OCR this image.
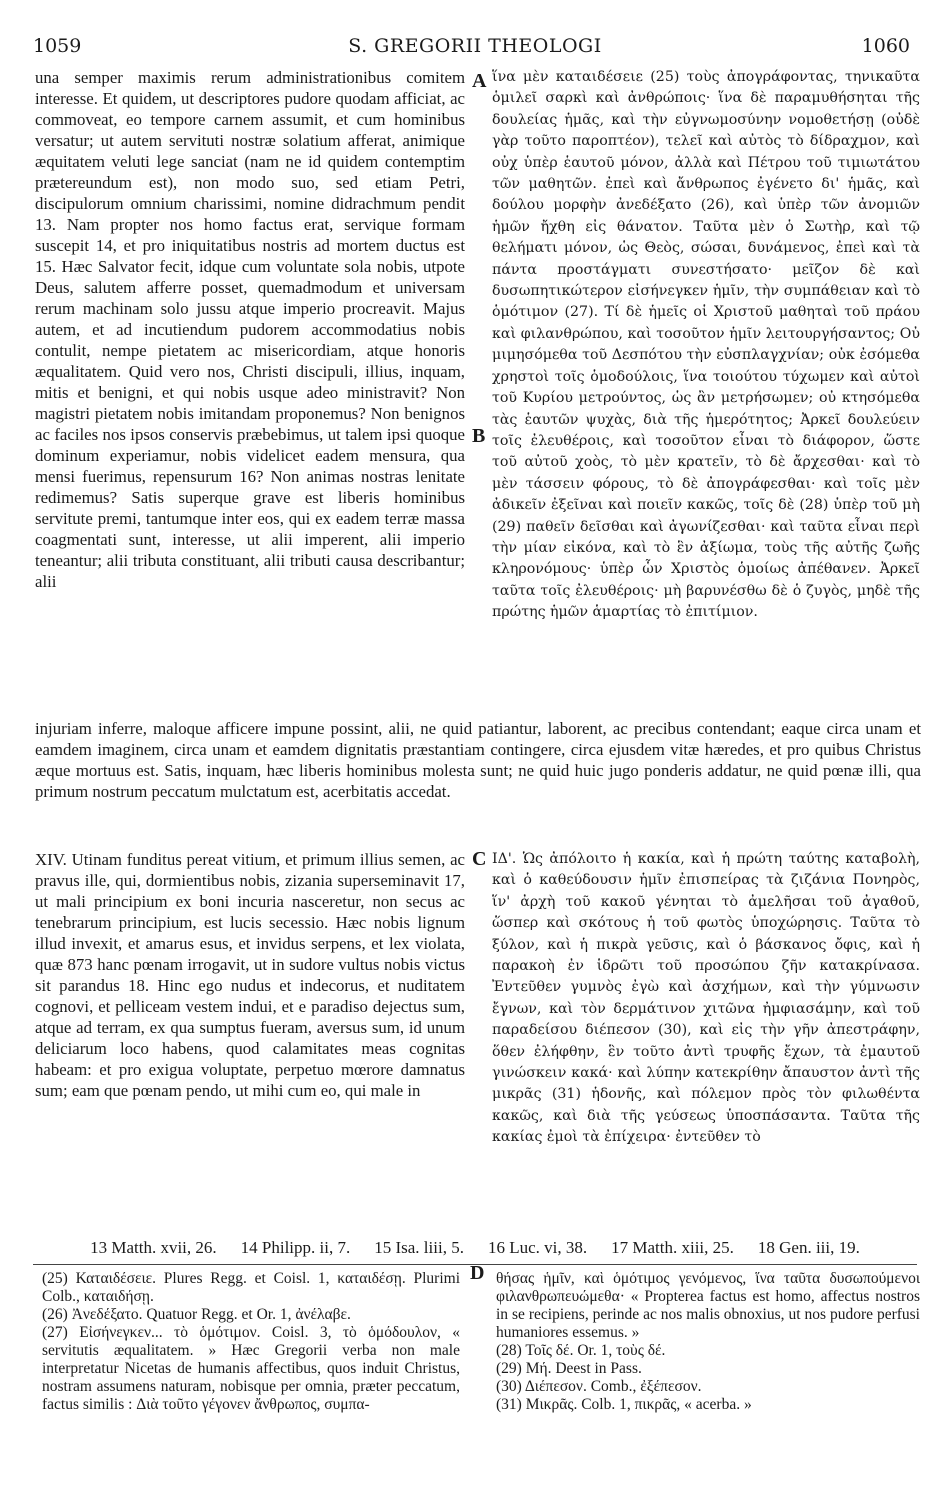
1059	S. GREGORII THEOLOGI	1060
A
B
C
D

una semper maximis rerum administrationibus comitem interesse. Et quidem, ut descriptores pudore quodam afficiat, ac commoveat, eo tempore carnem assumit, et cum hominibus versatur; ut autem servituti nostræ solatium afferat, animique æquitatem veluti lege sanciat (nam ne id quidem contemptim prætereundum est), non modo suo, sed etiam Petri, discipulorum omnium charissimi, nomine didrachmum pendit 13. Nam propter nos homo factus erat, servique formam suscepit 14, et pro iniquitatibus nostris ad mortem ductus est 15. Hæc Salvator fecit, idque cum voluntate sola nobis, utpote Deus, salutem afferre posset, quemadmodum et universam rerum machinam solo jussu atque imperio procreavit. Majus autem, et ad incutiendum pudorem accommodatius nobis contulit, nempe pietatem ac misericordiam, atque honoris æqualitatem. Quid vero nos, Christi discipuli, illius, inquam, mitis et benigni, et qui nobis usque adeo ministravit? Non magistri pietatem nobis imitandam proponemus? Non benignos ac faciles nos ipsos conservis præbebimus, ut talem ipsi quoque dominum experiamur, nobis videlicet eadem mensura, qua mensi fuerimus, repensurum 16? Non animas nostras lenitate redimemus? Satis superque grave est liberis hominibus servitute premi, tantumque inter eos, qui ex eadem terræ massa coagmentati sunt, interesse, ut alii imperent, alii imperio teneantur; alii tributa constituant, alii tributi causa describantur; alii

ἵνα μὲν καταιδέσειε (25) τοὺς ἀπογράφοντας, τηνικαῦτα ὁμιλεῖ σαρκὶ καὶ ἀνθρώποις· ἵνα δὲ παραμυθήσηται τῆς δουλείας ἡμᾶς, καὶ τὴν εὐγνωμοσύνην νομοθετήσῃ (οὐδὲ γὰρ τοῦτο παροπτέον), τελεῖ καὶ αὐτὸς τὸ δίδραχμον, καὶ οὐχ ὑπὲρ ἑαυτοῦ μόνον, ἀλλὰ καὶ Πέτρου τοῦ τιμιωτάτου τῶν μαθητῶν. ἐπεὶ καὶ ἄνθρωπος ἐγένετο δι' ἡμᾶς, καὶ δούλου μορφὴν ἀνεδέξατο (26), καὶ ὑπὲρ τῶν ἀνομιῶν ἡμῶν ἤχθη εἰς θάνατον. Ταῦτα μὲν ὁ Σωτὴρ, καὶ τῷ θελήματι μόνον, ὡς Θεὸς, σώσαι, δυνάμενος, ἐπεὶ καὶ τὰ πάντα προστάγματι συνεστήσατο· μεῖζον δὲ καὶ δυσωπητικώτερον εἰσήνεγκεν ἡμῖν, τὴν συμπάθειαν καὶ τὸ ὁμότιμον (27). Τί δὲ ἡμεῖς οἱ Χριστοῦ μαθηταὶ τοῦ πράου καὶ φιλανθρώπου, καὶ τοσοῦτον ἡμῖν λειτουργήσαντος; Οὐ μιμησόμεθα τοῦ Δεσπότου τὴν εὐσπλαγχνίαν; οὐκ ἐσόμεθα χρηστοὶ τοῖς ὁμοδούλοις, ἵνα τοιούτου τύχωμεν καὶ αὐτοὶ τοῦ Κυρίου μετρούντος, ὡς ἂν μετρήσωμεν; οὐ κτησόμεθα τὰς ἑαυτῶν ψυχὰς, διὰ τῆς ἡμερότητος; Ἀρκεῖ δουλεύειν τοῖς ἐλευθέροις, καὶ τοσοῦτον εἶναι τὸ διάφορον, ὥστε τοῦ αὐτοῦ χοὸς, τὸ μὲν κρατεῖν, τὸ δὲ ἄρχεσθαι· καὶ τὸ μὲν τάσσειν φόρους, τὸ δὲ ἀπογράφεσθαι· καὶ τοῖς μὲν ἀδικεῖν ἐξεῖναι καὶ ποιεῖν κακῶς, τοῖς δὲ (28) ὑπὲρ τοῦ μὴ (29) παθεῖν δεῖσθαι καὶ ἀγωνίζεσθαι· καὶ ταῦτα εἶναι περὶ τὴν μίαν εἰκόνα, καὶ τὸ ἓν ἀξίωμα, τοὺς τῆς αὐτῆς ζωῆς κληρονόμους· ὑπὲρ ὧν Χριστὸς ὁμοίως ἀπέθανεν. Ἀρκεῖ ταῦτα τοῖς ἐλευθέροις· μὴ βαρυνέσθω δὲ ὁ ζυγὸς, μηδὲ τῆς πρώτης ἡμῶν ἁμαρτίας τὸ ἐπιτίμιον.

injuriam inferre, maloque afficere impune possint, alii, ne quid patiantur, laborent, ac precibus contendant; eaque circa unam et eamdem imaginem, circa unam et eamdem dignitatis præstantiam contingere, circa ejusdem vitæ hæredes, et pro quibus Christus æque mortuus est. Satis, inquam, hæc liberis hominibus molesta sunt; ne quid huic jugo ponderis addatur, ne quid pœnæ illi, qua primum nostrum peccatum mulctatum est, acerbitatis accedat.

XIV. Utinam funditus pereat vitium, et primum illius semen, ac pravus ille, qui, dormientibus nobis, zizania superseminavit 17, ut mali principium ex boni incuria nasceretur, non secus ac tenebrarum principium, est lucis secessio. Hæc nobis lignum illud invexit, et amarus esus, et invidus serpens, et lex violata, quæ 873 hanc pœnam irrogavit, ut in sudore vultus nobis victus sit parandus 18. Hinc ego nudus et indecorus, et nuditatem cognovi, et pelliceam vestem indui, et e paradiso dejectus sum, atque ad terram, ex qua sumptus fueram, aversus sum, id unum deliciarum loco habens, quod calamitates meas cognitas habeam: et pro exigua voluptate, perpetuo mœrore damnatus sum; eam que pœnam pendo, ut mihi cum eo, qui male in

ΙΔ'. Ὡς ἀπόλοιτο ἡ κακία, καὶ ἡ πρώτη ταύτης καταβολὴ, καὶ ὁ καθεύδουσιν ἡμῖν ἐπισπείρας τὰ ζιζάνια Πονηρὸς, ἵν' ἀρχὴ τοῦ κακοῦ γένηται τὸ ἀμελῆσαι τοῦ ἀγαθοῦ, ὥσπερ καὶ σκότους ἡ τοῦ φωτὸς ὑποχώρησις. Ταῦτα τὸ ξύλον, καὶ ἡ πικρὰ γεῦσις, καὶ ὁ βάσκανος ὄφις, καὶ ἡ παρακοὴ ἐν ἱδρῶτι τοῦ προσώπου ζῆν κατακρίνασα. Ἐντεῦθεν γυμνὸς ἐγὼ καὶ ἀσχήμων, καὶ τὴν γύμνωσιν ἔγνων, καὶ τὸν δερμάτινον χιτῶνα ἠμφιασάμην, καὶ τοῦ παραδείσου διέπεσον (30), καὶ εἰς τὴν γῆν ἀπεστράφην, ὅθεν ἐλήφθην, ἓν τοῦτο ἀντὶ τρυφῆς ἔχων, τὰ ἐμαυτοῦ γινώσκειν κακά· καὶ λύπην κατεκρίθην ἄπαυστον ἀντὶ τῆς μικρᾶς (31) ἡδονῆς, καὶ πόλεμον πρὸς τὸν φιλωθέντα κακῶς, καὶ διὰ τῆς γεύσεως ὑποσπάσαντα. Ταῦτα τῆς κακίας ἐμοὶ τὰ ἐπίχειρα· ἐντεῦθεν τὸ

13 Matth. xvii, 26. 14 Philipp. ii, 7. 15 Isa. liii, 5. 16 Luc. vi, 38. 17 Matth. xiii, 25. 18 Gen. iii, 19.

(25) Καταιδέσειε. Plures Regg. et Coisl. 1, καταιδέσῃ. Plurimi Colb., καταιδήσῃ.

(26) Ἀνεδέξατο. Quatuor Regg. et Or. 1, ἀνέλαβε.

(27) Εἰσήνεγκεν... τὸ ὁμότιμον. Coisl. 3, τὸ ὁμόδουλον, « servitutis æqualitatem. » Hæc Gregorii verba non male interpretatur Nicetas de humanis affectibus, quos induit Christus, nostram assumens naturam, nobisque per omnia, præter peccatum, factus similis : Διὰ τοῦτο γέγονεν ἄνθρωπος, συμπα-

θήσας ἡμῖν, καὶ ὁμότιμος γενόμενος, ἵνα ταῦτα δυσωπούμενοι φιλανθρωπευώμεθα· « Propterea factus est homo, affectus nostros in se recipiens, perinde ac nos malis obnoxius, ut nos pudore perfusi humaniores essemus. »

(28) Τοῖς δέ. Or. 1, τοὺς δέ.

(29) Μή. Deest in Pass.

(30) Διέπεσον. Comb., ἐξέπεσον.

(31) Μικρᾶς. Colb. 1, πικρᾶς, « acerba. »
